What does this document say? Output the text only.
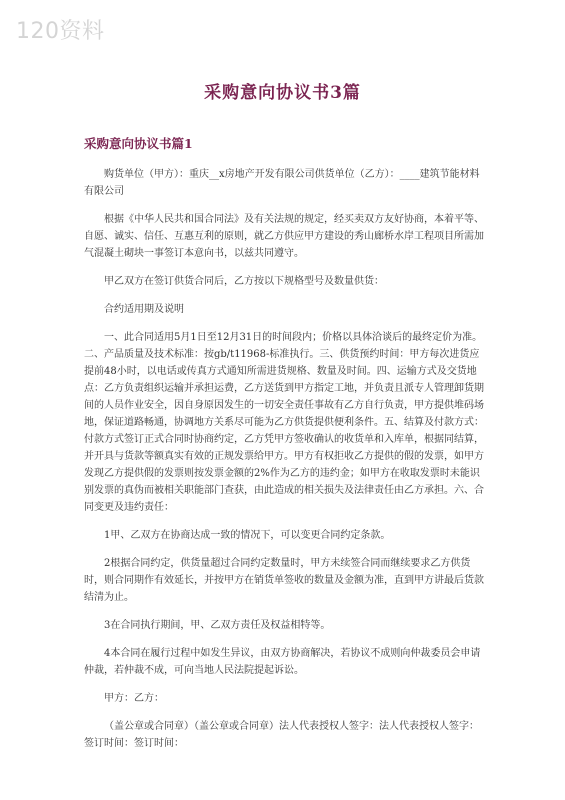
120资料
采购意向协议书3篇
采购意向协议书篇1

购货单位（甲方）：重庆__x房地产开发有限公司供货单位（乙方）：____建筑节能材料有限公司

根据《中华人民共和国合同法》及有关法规的规定，经买卖双方友好协商，本着平等、自愿、诚实、信任、互惠互利的原则，就乙方供应甲方建设的秀山廊桥水岸工程项目所需加气混凝土砌块一事签订本意向书，以兹共同遵守。

甲乙双方在签订供货合同后，乙方按以下规格型号及数量供货：

合约适用期及说明

一、此合同适用5月1日至12月31日的时间段内；价格以具体洽谈后的最终定价为准。二、产品质量及技术标准：按gb/t11968-标准执行。三、供货预约时间：甲方每次进货应提前48小时，以电话或传真方式通知所需进货规格、数量及时间。四、运输方式及交货地点：乙方负责组织运输并承担运费，乙方送货到甲方指定工地，并负责且派专人管理卸货期间的人员作业安全，因自身原因发生的一切安全责任事故有乙方自行负责，甲方提供堆码场地，保证道路畅通，协调地方关系尽可能为乙方供货提供便利条件。五、结算及付款方式：付款方式签订正式合同时协商约定，乙方凭甲方签收确认的收货单和入库单，根据同结算，并开具与货款等额真实有效的正规发票给甲方。甲方有权拒收乙方提供的假的发票，如甲方发现乙方提供假的发票则按发票金额的2%作为乙方的违约金；如甲方在收取发票时未能识别发票的真伪而被相关职能部门查获，由此造成的相关损失及法律责任由乙方承担。六、合同变更及违约责任：

1甲、乙双方在协商达成一致的情况下，可以变更合同约定条款。

2根据合同约定，供货量超过合同约定数量时，甲方未续签合同而继续要求乙方供货时，则合同期作有效延长，并按甲方在销货单签收的数量及金额为准，直到甲方讲最后货款结清为止。

3在合同执行期间，甲、乙双方责任及权益相特等。

4本合同在履行过程中如发生异议，由双方协商解决，若协议不成则向仲裁委员会申请仲裁，若仲裁不成，可向当地人民法院提起诉讼。

甲方：乙方：

（盖公章或合同章）（盖公章或合同章）法人代表授权人签字：法人代表授权人签字：签订时间：签订时间：
